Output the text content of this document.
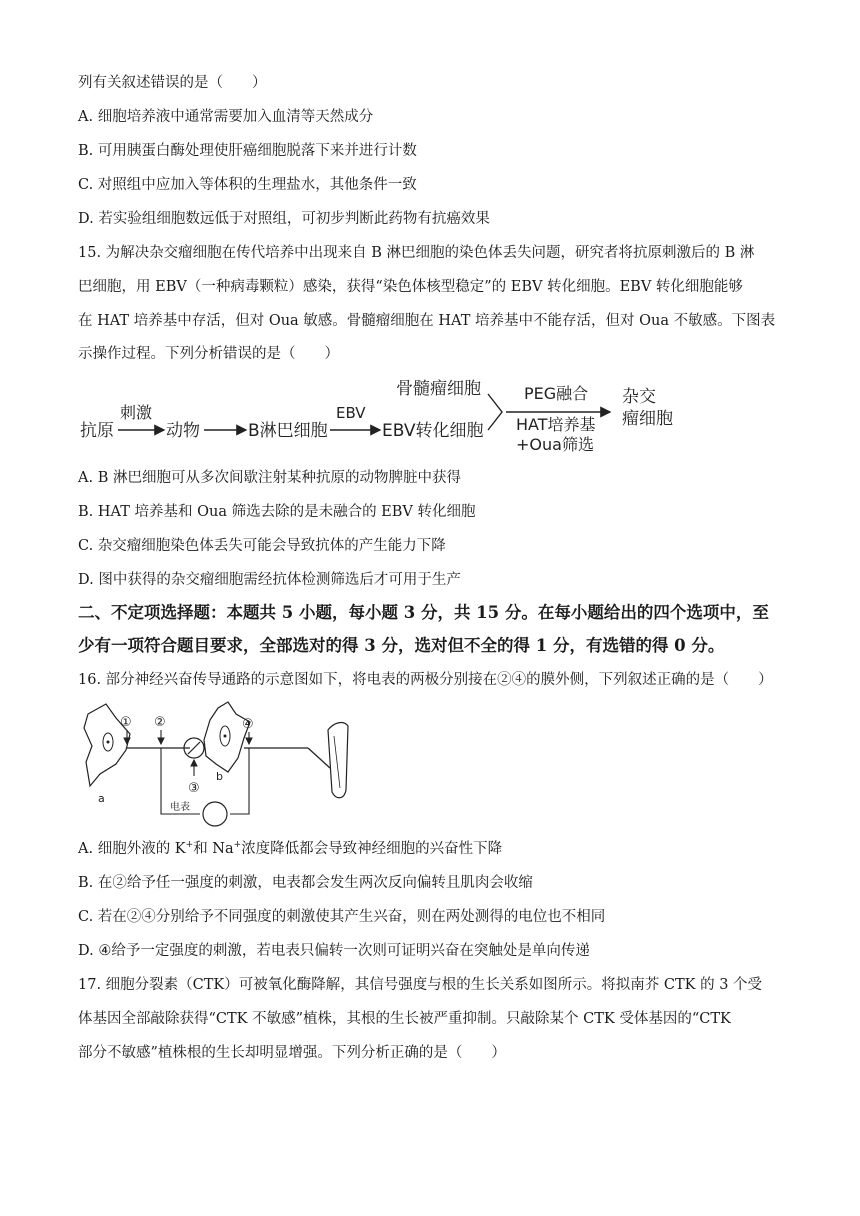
列有关叙述错误的是（　　）
A. 细胞培养液中通常需要加入血清等天然成分
B. 可用胰蛋白酶处理使肝癌细胞脱落下来并进行计数
C. 对照组中应加入等体积的生理盐水，其他条件一致
D. 若实验组细胞数远低于对照组，可初步判断此药物有抗癌效果
15. 为解决杂交瘤细胞在传代培养中出现来自 B 淋巴细胞的染色体丢失问题，研究者将抗原刺激后的 B 淋
巴细胞，用 EBV（一种病毒颗粒）感染，获得“染色体核型稳定”的 EBV 转化细胞。EBV 转化细胞能够
在 HAT 培养基中存活，但对 Oua 敏感。骨髓瘤细胞在 HAT 培养基中不能存活，但对 Oua 不敏感。下图表
示操作过程。下列分析错误的是（　　）
抗原
刺激
动物	B淋巴细胞
EBV
EBV转化细胞
骨髓瘤细胞	PEG融合
HAT培养基
+Oua筛选
杂交
瘤细胞
A. B 淋巴细胞可从多次间歇注射某种抗原的动物脾脏中获得
B. HAT 培养基和 Oua 筛选去除的是未融合的 EBV 转化细胞
C. 杂交瘤细胞染色体丢失可能会导致抗体的产生能力下降
D. 图中获得的杂交瘤细胞需经抗体检测筛选后才可用于生产
二、不定项选择题：本题共 5 小题，每小题 3 分，共 15 分。在每小题给出的四个选项中，至
少有一项符合题目要求，全部选对的得 3 分，选对但不全的得 1 分，有选错的得 0 分。
16. 部分神经兴奋传导通路的示意图如下，将电表的两极分别接在②④的膜外侧，下列叙述正确的是（　　）
a
b
① ②
③
④
电表
A. 细胞外液的 K+和 Na+浓度降低都会导致神经细胞的兴奋性下降
B. 在②给予任一强度的刺激，电表都会发生两次反向偏转且肌肉会收缩
C. 若在②④分别给予不同强度的刺激使其产生兴奋，则在两处测得的电位也不相同
D. ④给予一定强度的刺激，若电表只偏转一次则可证明兴奋在突触处是单向传递
17. 细胞分裂素（CTK）可被氧化酶降解，其信号强度与根的生长关系如图所示。将拟南芥 CTK 的 3 个受
体基因全部敲除获得“CTK 不敏感”植株，其根的生长被严重抑制。只敲除某个 CTK 受体基因的“CTK
部分不敏感”植株根的生长却明显增强。下列分析正确的是（　　）
